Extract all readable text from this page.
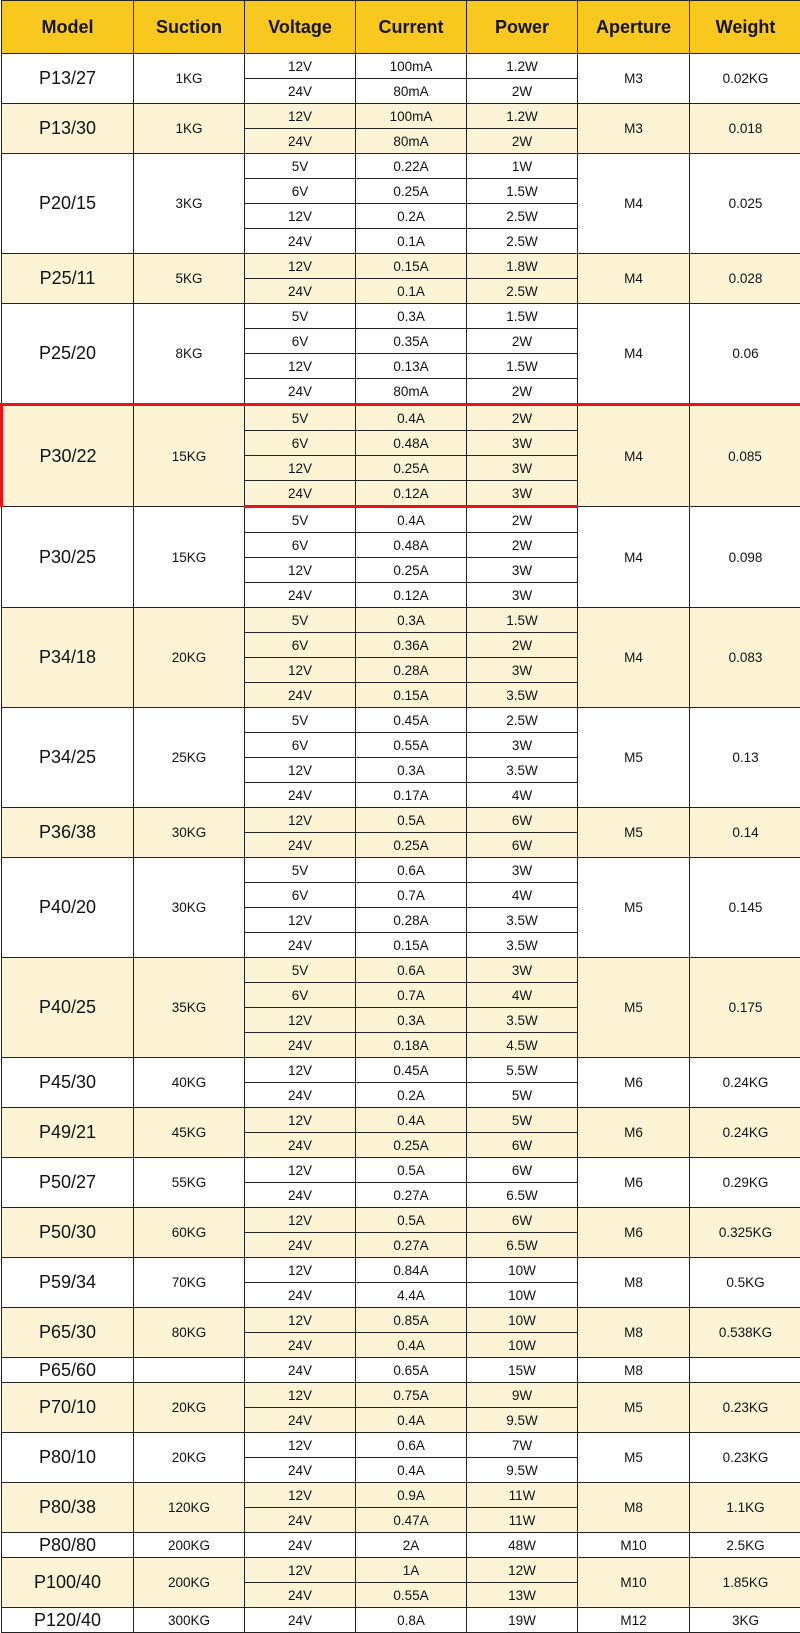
Model	Suction	Voltage	Current	Power	Aperture	Weight
P13/27	1KG	12V	100mA	1.2W	M3	0.02KG
		24V	80mA	2W		
P13/30	1KG	12V	100mA	1.2W	M3	0.018
		24V	80mA	2W		
P20/15	3KG	5V	0.22A	1W	M4	0.025
		6V	0.25A	1.5W		
		12V	0.2A	2.5W		
		24V	0.1A	2.5W		
P25/11	5KG	12V	0.15A	1.8W	M4	0.028
		24V	0.1A	2.5W		
P25/20	8KG	5V	0.3A	1.5W	M4	0.06
		6V	0.35A	2W		
		12V	0.13A	1.5W		
		24V	80mA	2W		
P30/22	15KG	5V	0.4A	2W	M4	0.085
		6V	0.48A	3W		
		12V	0.25A	3W		
		24V	0.12A	3W		
P30/25	15KG	5V	0.4A	2W	M4	0.098
		6V	0.48A	2W		
		12V	0.25A	3W		
		24V	0.12A	3W		
P34/18	20KG	5V	0.3A	1.5W	M4	0.083
		6V	0.36A	2W		
		12V	0.28A	3W		
		24V	0.15A	3.5W		
P34/25	25KG	5V	0.45A	2.5W	M5	0.13
		6V	0.55A	3W		
		12V	0.3A	3.5W		
		24V	0.17A	4W		
P36/38	30KG	12V	0.5A	6W	M5	0.14
		24V	0.25A	6W		
P40/20	30KG	5V	0.6A	3W	M5	0.145
		6V	0.7A	4W		
		12V	0.28A	3.5W		
		24V	0.15A	3.5W		
P40/25	35KG	5V	0.6A	3W	M5	0.175
		6V	0.7A	4W		
		12V	0.3A	3.5W		
		24V	0.18A	4.5W		
P45/30	40KG	12V	0.45A	5.5W	M6	0.24KG
		24V	0.2A	5W		
P49/21	45KG	12V	0.4A	5W	M6	0.24KG
		24V	0.25A	6W		
P50/27	55KG	12V	0.5A	6W	M6	0.29KG
		24V	0.27A	6.5W		
P50/30	60KG	12V	0.5A	6W	M6	0.325KG
		24V	0.27A	6.5W		
P59/34	70KG	12V	0.84A	10W	M8	0.5KG
		24V	4.4A	10W		
P65/30	80KG	12V	0.85A	10W	M8	0.538KG
		24V	0.4A	10W		
P65/60		24V	0.65A	15W	M8	
P70/10	20KG	12V	0.75A	9W	M5	0.23KG
		24V	0.4A	9.5W		
P80/10	20KG	12V	0.6A	7W	M5	0.23KG
		24V	0.4A	9.5W		
P80/38	120KG	12V	0.9A	11W	M8	1.1KG
		24V	0.47A	11W		
P80/80	200KG	24V	2A	48W	M10	2.5KG
P100/40	200KG	12V	1A	12W	M10	1.85KG
		24V	0.55A	13W		
P120/40	300KG	24V	0.8A	19W	M12	3KG
